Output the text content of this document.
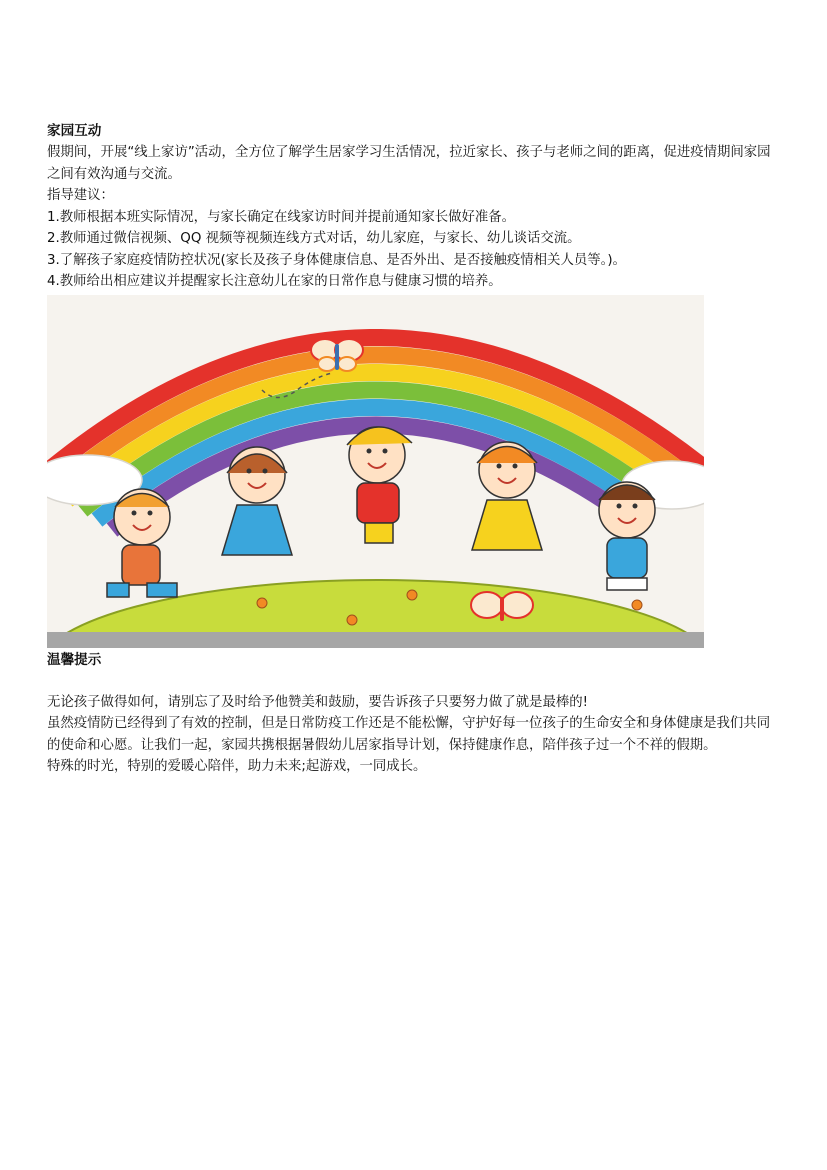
家园互动
假期间，开展“线上家访”活动，全方位了解学生居家学习生活情况，拉近家长、孩子与老师之间的距离，促进疫情期间家园之间有效沟通与交流。
指导建议：
1.教师根据本班实际情况，与家长确定在线家访时间并提前通知家长做好准备。
2.教师通过微信视频、QQ 视频等视频连线方式对话，幼儿家庭，与家长、幼儿谈话交流。
3.了解孩子家庭疫情防控状况(家长及孩子身体健康信息、是否外出、是否接触疫情相关人员等。)。
4.教师给出相应建议并提醒家长注意幼儿在家的日常作息与健康习惯的培养。
温馨提示
无论孩子做得如何，请别忘了及时给予他赞美和鼓励，要告诉孩子只要努力做了就是最棒的!
虽然疫情防已经得到了有效的控制，但是日常防疫工作还是不能松懈，守护好每一位孩子的生命安全和身体健康是我们共同的使命和心愿。让我们一起，家园共携根据暑假幼儿居家指导计划，保持健康作息，陪伴孩子过一个不祥的假期。
特殊的时光，特别的爱暖心陪伴，助力未来;起游戏，一同成长。
